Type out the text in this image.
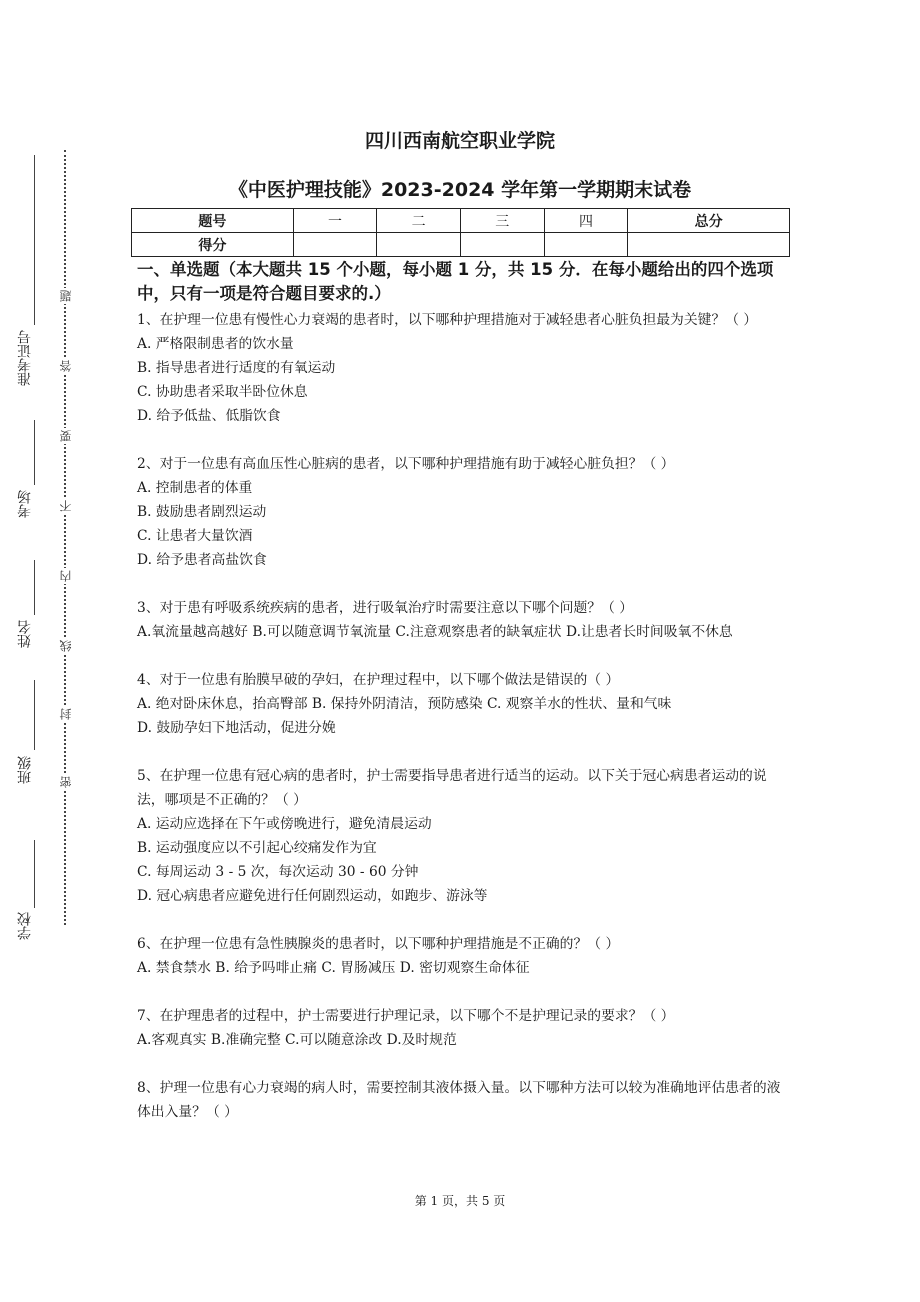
准考证号
考场
姓名
班级
学校
题
答
要
不
内
线
封
密
四川西南航空职业学院
《中医护理技能》2023-2024 学年第一学期期末试卷
题号	一	二	三	四	总分
得分					
一、单选题（本大题共 15 个小题，每小题 1 分，共 15 分．在每小题给出的四个选项中，只有一项是符合题目要求的.）
1、在护理一位患有慢性心力衰竭的患者时，以下哪种护理措施对于减轻患者心脏负担最为关键？（ ）
A. 严格限制患者的饮水量
B. 指导患者进行适度的有氧运动
C. 协助患者采取半卧位休息
D. 给予低盐、低脂饮食
2、对于一位患有高血压性心脏病的患者，以下哪种护理措施有助于减轻心脏负担？（ ）
A. 控制患者的体重
B. 鼓励患者剧烈运动
C. 让患者大量饮酒
D. 给予患者高盐饮食
3、对于患有呼吸系统疾病的患者，进行吸氧治疗时需要注意以下哪个问题？（ ）
A.氧流量越高越好 B.可以随意调节氧流量 C.注意观察患者的缺氧症状 D.让患者长时间吸氧不休息
4、对于一位患有胎膜早破的孕妇，在护理过程中，以下哪个做法是错误的（ ）
A. 绝对卧床休息，抬高臀部 B. 保持外阴清洁，预防感染 C. 观察羊水的性状、量和气味
D. 鼓励孕妇下地活动，促进分娩
5、在护理一位患有冠心病的患者时，护士需要指导患者进行适当的运动。以下关于冠心病患者运动的说法，哪项是不正确的？（ ）
A. 运动应选择在下午或傍晚进行，避免清晨运动
B. 运动强度应以不引起心绞痛发作为宜
C. 每周运动 3 - 5 次，每次运动 30 - 60 分钟
D. 冠心病患者应避免进行任何剧烈运动，如跑步、游泳等
6、在护理一位患有急性胰腺炎的患者时，以下哪种护理措施是不正确的？（ ）
A. 禁食禁水 B. 给予吗啡止痛 C. 胃肠减压 D. 密切观察生命体征
7、在护理患者的过程中，护士需要进行护理记录，以下哪个不是护理记录的要求？（ ）
A.客观真实 B.准确完整 C.可以随意涂改 D.及时规范
8、护理一位患有心力衰竭的病人时，需要控制其液体摄入量。以下哪种方法可以较为准确地评估患者的液体出入量？（ ）
第 1 页，共 5 页
